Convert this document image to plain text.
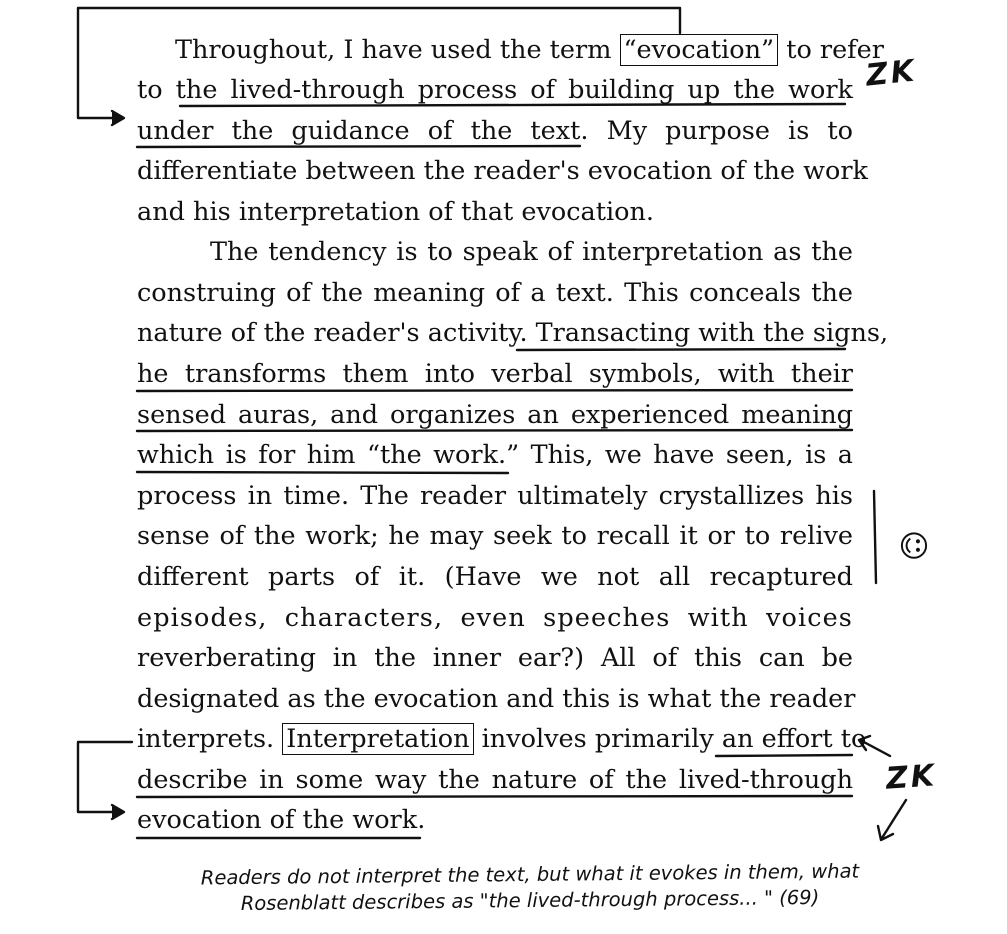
Throughout, I have used the term “evocation” to refer
to the lived-through process of building up the work
under the guidance of the text. My purpose is to
differentiate between the reader's evocation of the work
and his interpretation of that evocation.
The tendency is to speak of interpretation as the
construing of the meaning of a text. This conceals the
nature of the reader's activity. Transacting with the signs,
he transforms them into verbal symbols, with their
sensed auras, and organizes an experienced meaning
which is for him “the work.” This, we have seen, is a
process in time. The reader ultimately crystallizes his
sense of the work; he may seek to recall it or to relive
different parts of it. (Have we not all recaptured
episodes, characters, even speeches with voices
reverberating in the inner ear?) All of this can be
designated as the evocation and this is what the reader
interprets. Interpretation involves primarily an effort to
describe in some way the nature of the lived-through
evocation of the work.
ZK
☺
ZK
Readers do not interpret the text, but what it evokes in them, what
Rosenblatt describes as "the lived-through process... " (69)
